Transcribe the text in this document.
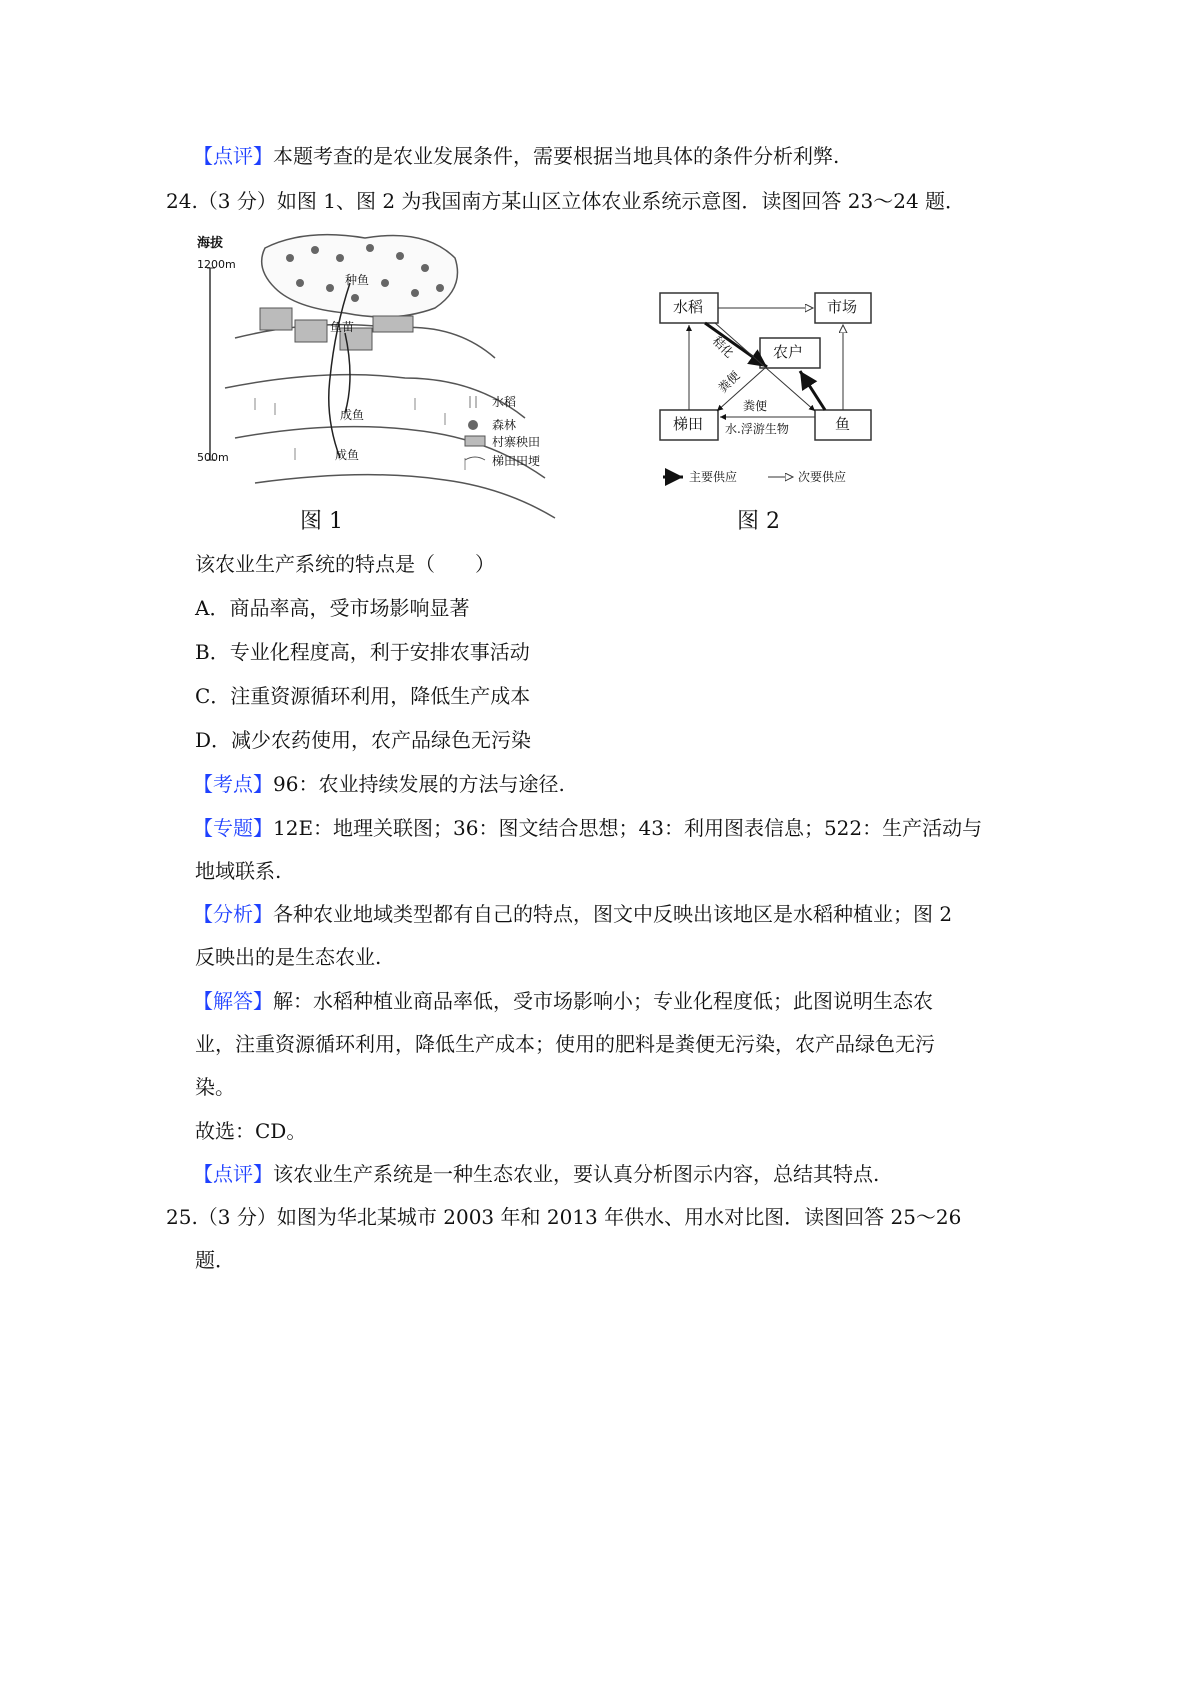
【点评】本题考查的是农业发展条件，需要根据当地具体的条件分析利弊.
24.（3 分）如图 1、图 2 为我国南方某山区立体农业系统示意图．读图回答 23～24 题．
海拔
1200m
500m
种鱼
鱼苗
成鱼
成鱼
水稻
森林
村寨秧田
梯田田埂
图 1
水稻	市场
农户
梯田	鱼
秸化
粪便
粪便
水.浮游生物
主要供应	次要供应
图 2
该农业生产系统的特点是（　　）
A．商品率高，受市场影响显著
B．专业化程度高，利于安排农事活动
C．注重资源循环利用，降低生产成本
D．减少农药使用，农产品绿色无污染
【考点】96：农业持续发展的方法与途径.
【专题】12E：地理关联图；36：图文结合思想；43：利用图表信息；522：生产活动与
地域联系.
【分析】各种农业地域类型都有自己的特点，图文中反映出该地区是水稻种植业；图 2
反映出的是生态农业.
【解答】解：水稻种植业商品率低，受市场影响小；专业化程度低；此图说明生态农
业，注重资源循环利用，降低生产成本；使用的肥料是粪便无污染，农产品绿色无污
染。
故选：CD。
【点评】该农业生产系统是一种生态农业，要认真分析图示内容，总结其特点.
25.（3 分）如图为华北某城市 2003 年和 2013 年供水、用水对比图．读图回答 25～26
题．
